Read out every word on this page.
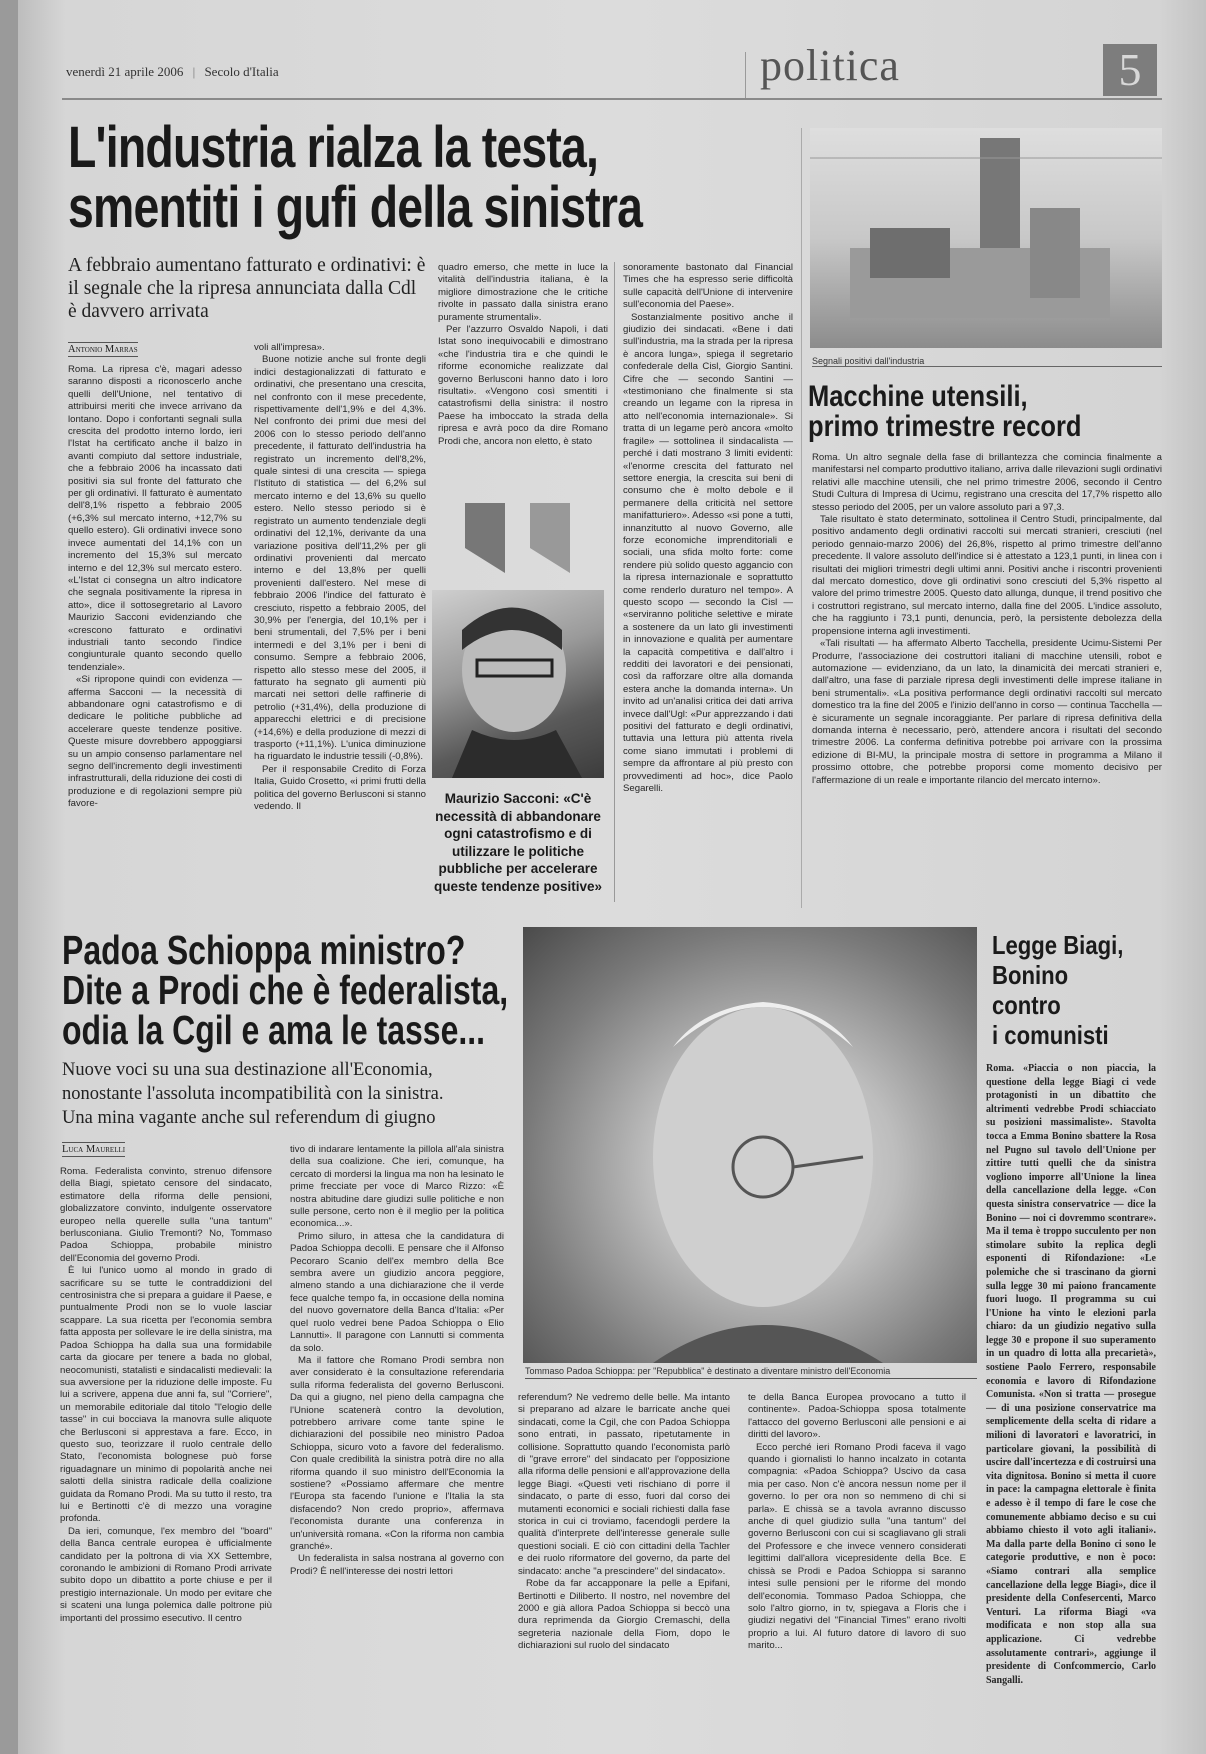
venerdì 21 aprile 2006 | Secolo d'Italia	politica	5
L'industria rialza la testa,
smentiti i gufi della sinistra
A febbraio aumentano fatturato e ordinativi: è il segnale che la ripresa annunciata dalla Cdl è davvero arrivata
Antonio Marras

Roma. La ripresa c'è, magari adesso saranno disposti a riconoscerlo anche quelli dell'Unione, nel tentativo di attribuirsi meriti che invece arrivano da lontano. Dopo i confortanti segnali sulla crescita del prodotto interno lordo, ieri l'Istat ha certificato anche il balzo in avanti compiuto dal settore industriale, che a febbraio 2006 ha incassato dati positivi sia sul fronte del fatturato che per gli ordinativi. Il fatturato è aumentato dell'8,1% rispetto a febbraio 2005 (+6,3% sul mercato interno, +12,7% su quello estero). Gli ordinativi invece sono invece aumentati del 14,1% con un incremento del 15,3% sul mercato interno e del 12,3% sul mercato estero. «L'Istat ci consegna un altro indicatore che segnala positivamente la ripresa in atto», dice il sottosegretario al Lavoro Maurizio Sacconi evidenziando che «crescono fatturato e ordinativi industriali tanto secondo l'indice congiunturale quanto secondo quello tendenziale».

«Si ripropone quindi con evidenza — afferma Sacconi — la necessità di abbandonare ogni catastrofismo e di dedicare le politiche pubbliche ad accelerare queste tendenze positive. Queste misure dovrebbero appoggiarsi su un ampio consenso parlamentare nel segno dell'incremento degli investimenti infrastrutturali, della riduzione dei costi di produzione e di regolazioni sempre più favore-

voli all'impresa».

Buone notizie anche sul fronte degli indici destagionalizzati di fatturato e ordinativi, che presentano una crescita, nel confronto con il mese precedente, rispettivamente dell'1,9% e del 4,3%. Nel confronto dei primi due mesi del 2006 con lo stesso periodo dell'anno precedente, il fatturato dell'industria ha registrato un incremento dell'8,2%, quale sintesi di una crescita — spiega l'Istituto di statistica — del 6,2% sul mercato interno e del 13,6% su quello estero. Nello stesso periodo si è registrato un aumento tendenziale degli ordinativi del 12,1%, derivante da una variazione positiva dell'11,2% per gli ordinativi provenienti dal mercato interno e del 13,8% per quelli provenienti dall'estero. Nel mese di febbraio 2006 l'indice del fatturato è cresciuto, rispetto a febbraio 2005, del 30,9% per l'energia, del 10,1% per i beni strumentali, del 7,5% per i beni intermedi e del 3,1% per i beni di consumo. Sempre a febbraio 2006, rispetto allo stesso mese del 2005, il fatturato ha segnato gli aumenti più marcati nei settori delle raffinerie di petrolio (+31,4%), della produzione di apparecchi elettrici e di precisione (+14,6%) e della produzione di mezzi di trasporto (+11,1%). L'unica diminuzione ha riguardato le industrie tessili (-0,8%).

Per il responsabile Credito di Forza Italia, Guido Crosetto, «i primi frutti della politica del governo Berlusconi si stanno vedendo. Il

quadro emerso, che mette in luce la vitalità dell'industria italiana, è la migliore dimostrazione che le critiche rivolte in passato dalla sinistra erano puramente strumentali».

Per l'azzurro Osvaldo Napoli, i dati Istat sono inequivocabili e dimostrano «che l'industria tira e che quindi le riforme economiche realizzate dal governo Berlusconi hanno dato i loro risultati». «Vengono così smentiti i catastrofismi della sinistra: il nostro Paese ha imboccato la strada della ripresa e avrà poco da dire Romano Prodi che, ancora non eletto, è stato

Maurizio Sacconi: «C'è necessità di abbandonare ogni catastrofismo e di utilizzare le politiche pubbliche per accelerare queste tendenze positive»

sonoramente bastonato dal Financial Times che ha espresso serie difficoltà sulle capacità dell'Unione di intervenire sull'economia del Paese».

Sostanzialmente positivo anche il giudizio dei sindacati. «Bene i dati sull'industria, ma la strada per la ripresa è ancora lunga», spiega il segretario confederale della Cisl, Giorgio Santini. Cifre che — secondo Santini — «testimoniano che finalmente si sta creando un legame con la ripresa in atto nell'economia internazionale». Si tratta di un legame però ancora «molto fragile» — sottolinea il sindacalista — perché i dati mostrano 3 limiti evidenti: «l'enorme crescita del fatturato nel settore energia, la crescita sui beni di consumo che è molto debole e il permanere della criticità nel settore manifatturiero». Adesso «si pone a tutti, innanzitutto al nuovo Governo, alle forze economiche imprenditoriali e sociali, una sfida molto forte: come rendere più solido questo aggancio con la ripresa internazionale e soprattutto come renderlo duraturo nel tempo». A questo scopo — secondo la Cisl — «serviranno politiche selettive e mirate a sostenere da un lato gli investimenti in innovazione e qualità per aumentare la capacità competitiva e dall'altro i redditi dei lavoratori e dei pensionati, così da rafforzare oltre alla domanda estera anche la domanda interna». Un invito ad un'analisi critica dei dati arriva invece dall'Ugl: «Pur apprezzando i dati positivi del fatturato e degli ordinativi, tuttavia una lettura più attenta rivela come siano immutati i problemi di sempre da affrontare al più presto con provvedimenti ad hoc», dice Paolo Segarelli.

Segnali positivi dall'industria
Macchine utensili,
primo trimestre record

Roma. Un altro segnale della fase di brillantezza che comincia finalmente a manifestarsi nel comparto produttivo italiano, arriva dalle rilevazioni sugli ordinativi relativi alle macchine utensili, che nel primo trimestre 2006, secondo il Centro Studi Cultura di Impresa di Ucimu, registrano una crescita del 17,7% rispetto allo stesso periodo del 2005, per un valore assoluto pari a 97,3.

Tale risultato è stato determinato, sottolinea il Centro Studi, principalmente, dal positivo andamento degli ordinativi raccolti sui mercati stranieri, cresciuti (nel periodo gennaio-marzo 2006) del 26,8%, rispetto al primo trimestre dell'anno precedente. Il valore assoluto dell'indice si è attestato a 123,1 punti, in linea con i risultati dei migliori trimestri degli ultimi anni. Positivi anche i riscontri provenienti dal mercato domestico, dove gli ordinativi sono cresciuti del 5,3% rispetto al valore del primo trimestre 2005. Questo dato allunga, dunque, il trend positivo che i costruttori registrano, sul mercato interno, dalla fine del 2005. L'indice assoluto, che ha raggiunto i 73,1 punti, denuncia, però, la persistente debolezza della propensione interna agli investimenti.

«Tali risultati — ha affermato Alberto Tacchella, presidente Ucimu-Sistemi Per Produrre, l'associazione dei costruttori italiani di macchine utensili, robot e automazione — evidenziano, da un lato, la dinamicità dei mercati stranieri e, dall'altro, una fase di parziale ripresa degli investimenti delle imprese italiane in beni strumentali». «La positiva performance degli ordinativi raccolti sul mercato domestico tra la fine del 2005 e l'inizio dell'anno in corso — continua Tacchella — è sicuramente un segnale incoraggiante. Per parlare di ripresa definitiva della domanda interna è necessario, però, attendere ancora i risultati del secondo trimestre 2006. La conferma definitiva potrebbe poi arrivare con la prossima edizione di BI-MU, la principale mostra di settore in programma a Milano il prossimo ottobre, che potrebbe proporsi come momento decisivo per l'affermazione di un reale e importante rilancio del mercato interno».

Padoa Schioppa ministro?
Dite a Prodi che è federalista,
odia la Cgil e ama le tasse...
Nuove voci su una sua destinazione all'Economia,
nonostante l'assoluta incompatibilità con la sinistra.
Una mina vagante anche sul referendum di giugno
Luca Maurelli

Roma. Federalista convinto, strenuo difensore della Biagi, spietato censore del sindacato, estimatore della riforma delle pensioni, globalizzatore convinto, indulgente osservatore europeo nella querelle sulla "una tantum" berlusconiana. Giulio Tremonti? No, Tommaso Padoa Schioppa, probabile ministro dell'Economia del governo Prodi.

È lui l'unico uomo al mondo in grado di sacrificare su se tutte le contraddizioni del centrosinistra che si prepara a guidare il Paese, e puntualmente Prodi non se lo vuole lasciar scappare. La sua ricetta per l'economia sembra fatta apposta per sollevare le ire della sinistra, ma Padoa Schioppa ha dalla sua una formidabile carta da giocare per tenere a bada no global, neocomunisti, statalisti e sindacalisti medievali: la sua avversione per la riduzione delle imposte. Fu lui a scrivere, appena due anni fa, sul "Corriere", un memorabile editoriale dal titolo "l'elogio delle tasse" in cui bocciava la manovra sulle aliquote che Berlusconi si apprestava a fare. Ecco, in questo suo, teorizzare il ruolo centrale dello Stato, l'economista bolognese può forse riguadagnare un minimo di popolarità anche nei salotti della sinistra radicale della coalizione guidata da Romano Prodi. Ma su tutto il resto, tra lui e Bertinotti c'è di mezzo una voragine profonda.

Da ieri, comunque, l'ex membro del "board" della Banca centrale europea è ufficialmente candidato per la poltrona di via XX Settembre, coronando le ambizioni di Romano Prodi arrivate subito dopo un dibattito a porte chiuse e per il prestigio internazionale. Un modo per evitare che si scateni una lunga polemica dalle poltrone più importanti del prossimo esecutivo. Il centro

tivo di indarare lentamente la pillola all'ala sinistra della sua coalizione. Che ieri, comunque, ha cercato di mordersi la lingua ma non ha lesinato le prime frecciate per voce di Marco Rizzo: «È nostra abitudine dare giudizi sulle politiche e non sulle persone, certo non è il meglio per la politica economica...».

Primo siluro, in attesa che la candidatura di Padoa Schioppa decolli. E pensare che il Alfonso Pecoraro Scanio dell'ex membro della Bce sembra avere un giudizio ancora peggiore, almeno stando a una dichiarazione che il verde fece qualche tempo fa, in occasione della nomina del nuovo governatore della Banca d'Italia: «Per quel ruolo vedrei bene Padoa Schioppa o Elio Lannutti». Il paragone con Lannutti si commenta da solo.

Ma il fattore che Romano Prodi sembra non aver considerato è la consultazione referendaria sulla riforma federalista del governo Berlusconi. Da qui a giugno, nel pieno della campagna che l'Unione scatenerà contro la devolution, potrebbero arrivare come tante spine le dichiarazioni del possibile neo ministro Padoa Schioppa, sicuro voto a favore del federalismo. Con quale credibilità la sinistra potrà dire no alla riforma quando il suo ministro dell'Economia la sostiene? «Possiamo affermare che mentre l'Europa sta facendo l'unione e l'Italia la sta disfacendo? Non credo proprio», affermava l'economista durante una conferenza in un'università romana. «Con la riforma non cambia granché».

Un federalista in salsa nostrana al governo con Prodi? È nell'interesse dei nostri lettori

Tommaso Padoa Schioppa: per "Repubblica" è destinato a diventare ministro dell'Economia

referendum? Ne vedremo delle belle. Ma intanto si preparano ad alzare le barricate anche quei sindacati, come la Cgil, che con Padoa Schioppa sono entrati, in passato, ripetutamente in collisione. Soprattutto quando l'economista parlò di "grave errore" del sindacato per l'opposizione alla riforma delle pensioni e all'approvazione della legge Biagi. «Questi veti rischiano di porre il sindacato, o parte di esso, fuori dal corso dei mutamenti economici e sociali richiesti dalla fase storica in cui ci troviamo, facendogli perdere la qualità d'interprete dell'interesse generale sulle questioni sociali. E ciò con cittadini della Tachler e dei ruolo riformatore del governo, da parte del sindacato: anche "a prescindere" del sindacato».

Robe da far accapponare la pelle a Epifani, Bertinotti e Diliberto. Il nostro, nel novembre del 2000 e già allora Padoa Schioppa si beccò una dura reprimenda da Giorgio Cremaschi, della segreteria nazionale della Fiom, dopo le dichiarazioni sul ruolo del sindacato

te della Banca Europea provocano a tutto il continente». Padoa-Schioppa sposa totalmente l'attacco del governo Berlusconi alle pensioni e ai diritti del lavoro».

Ecco perché ieri Romano Prodi faceva il vago quando i giornalisti lo hanno incalzato in cotanta compagnia: «Padoa Schioppa? Uscivo da casa mia per caso. Non c'è ancora nessun nome per il governo. Io per ora non so nemmeno di chi si parla». E chissà se a tavola avranno discusso anche di quel giudizio sulla "una tantum" del governo Berlusconi con cui si scagliavano gli strali del Professore e che invece vennero considerati legittimi dall'allora vicepresidente della Bce. E chissà se Prodi e Padoa Schioppa si saranno intesi sulle pensioni per le riforme del mondo dell'economia. Tommaso Padoa Schioppa, che solo l'altro giorno, in tv, spiegava a Floris che i giudizi negativi del "Financial Times" erano rivolti proprio a lui. Al futuro datore di lavoro di suo marito...

Legge Biagi,
Bonino
contro
i comunisti

Roma. «Piaccia o non piaccia, la questione della legge Biagi ci vede protagonisti in un dibattito che altrimenti vedrebbe Prodi schiacciato su posizioni massimaliste». Stavolta tocca a Emma Bonino sbattere la Rosa nel Pugno sul tavolo dell'Unione per zittire tutti quelli che da sinistra vogliono imporre all'Unione la linea della cancellazione della legge. «Con questa sinistra conservatrice — dice la Bonino — noi ci dovremmo scontrare». Ma il tema è troppo succulento per non stimolare subito la replica degli esponenti di Rifondazione: «Le polemiche che si trascinano da giorni sulla legge 30 mi paiono francamente fuori luogo. Il programma su cui l'Unione ha vinto le elezioni parla chiaro: da un giudizio negativo sulla legge 30 e propone il suo superamento in un quadro di lotta alla precarietà», sostiene Paolo Ferrero, responsabile economia e lavoro di Rifondazione Comunista. «Non si tratta — prosegue — di una posizione conservatrice ma semplicemente della scelta di ridare a milioni di lavoratori e lavoratrici, in particolare giovani, la possibilità di uscire dall'incertezza e di costruirsi una vita dignitosa. Bonino si metta il cuore in pace: la campagna elettorale è finita e adesso è il tempo di fare le cose che comunemente abbiamo deciso e su cui abbiamo chiesto il voto agli italiani». Ma dalla parte della Bonino ci sono le categorie produttive, e non è poco: «Siamo contrari alla semplice cancellazione della legge Biagi», dice il presidente della Confesercenti, Marco Venturi. La riforma Biagi «va modificata e non stop alla sua applicazione. Ci vedrebbe assolutamente contrari», aggiunge il presidente di Confcommercio, Carlo Sangalli.
